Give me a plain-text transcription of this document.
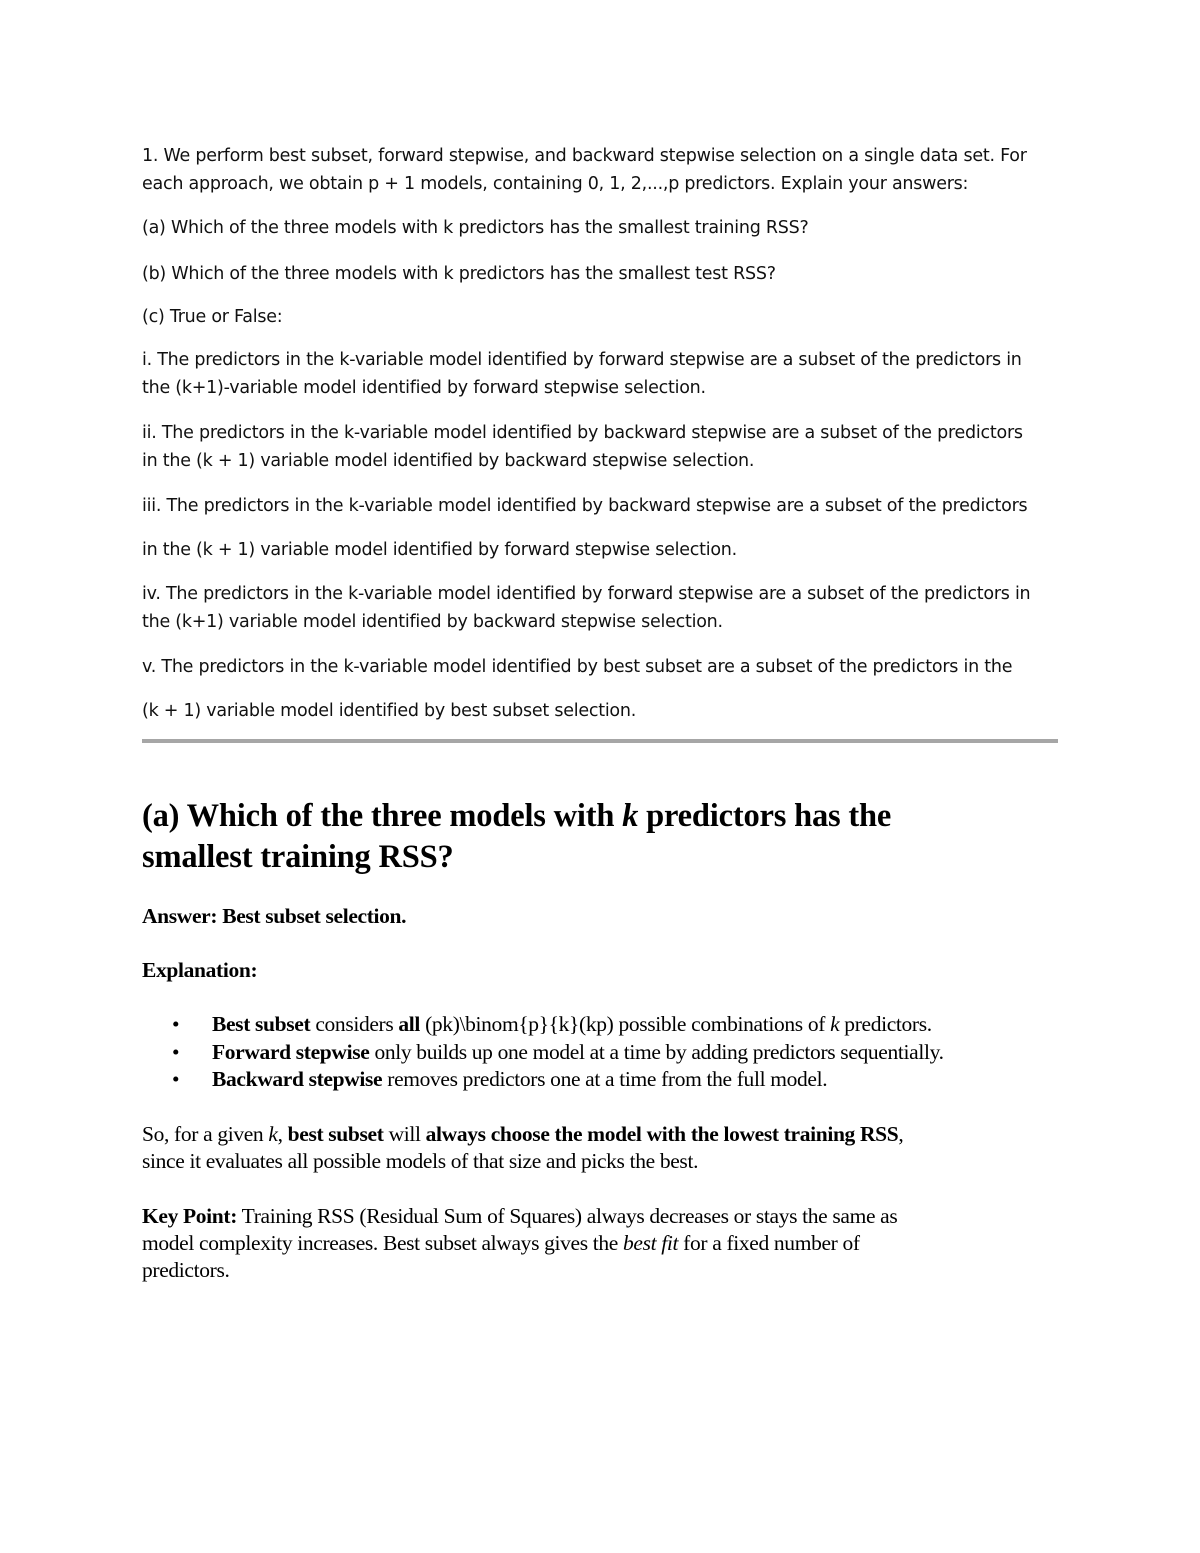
1. We perform best subset, forward stepwise, and backward stepwise selection on a single data set. For
each approach, we obtain p + 1 models, containing 0, 1, 2,...,p predictors. Explain your answers:
(a) Which of the three models with k predictors has the smallest training RSS?
(b) Which of the three models with k predictors has the smallest test RSS?
(c) True or False:
i. The predictors in the k-variable model identified by forward stepwise are a subset of the predictors in
the (k+1)-variable model identified by forward stepwise selection.
ii. The predictors in the k-variable model identified by backward stepwise are a subset of the predictors
in the (k + 1) variable model identified by backward stepwise selection.
iii. The predictors in the k-variable model identified by backward stepwise are a subset of the predictors
in the (k + 1) variable model identified by forward stepwise selection.
iv. The predictors in the k-variable model identified by forward stepwise are a subset of the predictors in
the (k+1) variable model identified by backward stepwise selection.
v. The predictors in the k-variable model identified by best subset are a subset of the predictors in the
(k + 1) variable model identified by best subset selection.
(a) Which of the three models with k predictors has the
smallest training RSS?

Answer: Best subset selection.

Explanation:

• Best subset considers all (pk)\binom{p}{k}(kp) possible combinations of k predictors.
• Forward stepwise only builds up one model at a time by adding predictors sequentially.
• Backward stepwise removes predictors one at a time from the full model.

So, for a given k, best subset will always choose the model with the lowest training RSS,

since it evaluates all possible models of that size and picks the best.

Key Point: Training RSS (Residual Sum of Squares) always decreases or stays the same as

model complexity increases. Best subset always gives the best fit for a fixed number of

predictors.
